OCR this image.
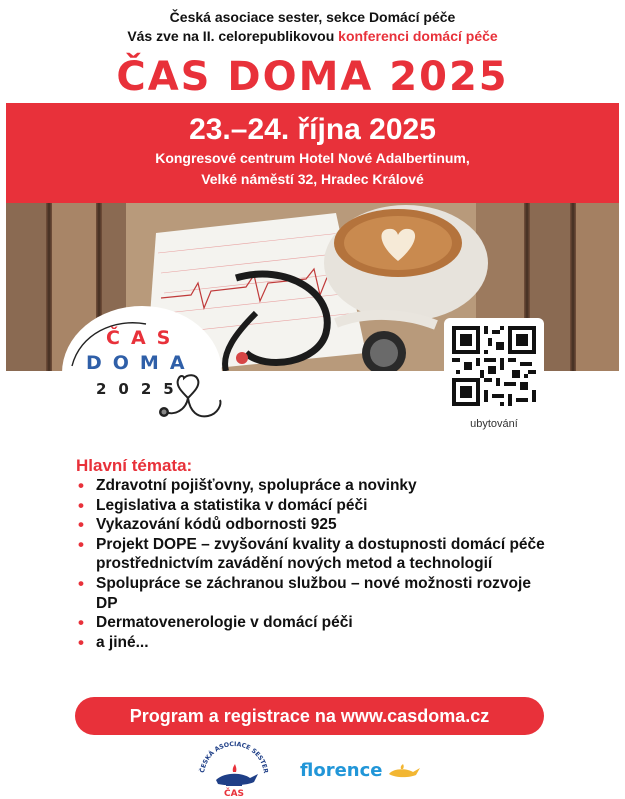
Česká asociace sester, sekce Domácí péče
Vás zve na II. celorepublikovou konferenci domácí péče
ČAS DOMA 2025
23.–24. října 2025
Kongresové centrum Hotel Nové Adalbertinum,
Velké náměstí 32, Hradec Králové
ČAS
DOMA
2025
ubytování
Hlavní témata:
• Zdravotní pojišťovny, spolupráce a novinky
• Legislativa a statistika v domácí péči
• Vykazování kódů odbornosti 925
• Projekt DOPE – zvyšování kvality a dostupnosti domácí péče prostřednictvím zavádění nových metod a technologií
• Spolupráce se záchranou službou – nové možnosti rozvoje DP
• Dermatovenerologie v domácí péči
• a jiné...
Program a registrace na www.casdoma.cz
ČESKÁ ASOCIACE SESTER
ČAS
florence
